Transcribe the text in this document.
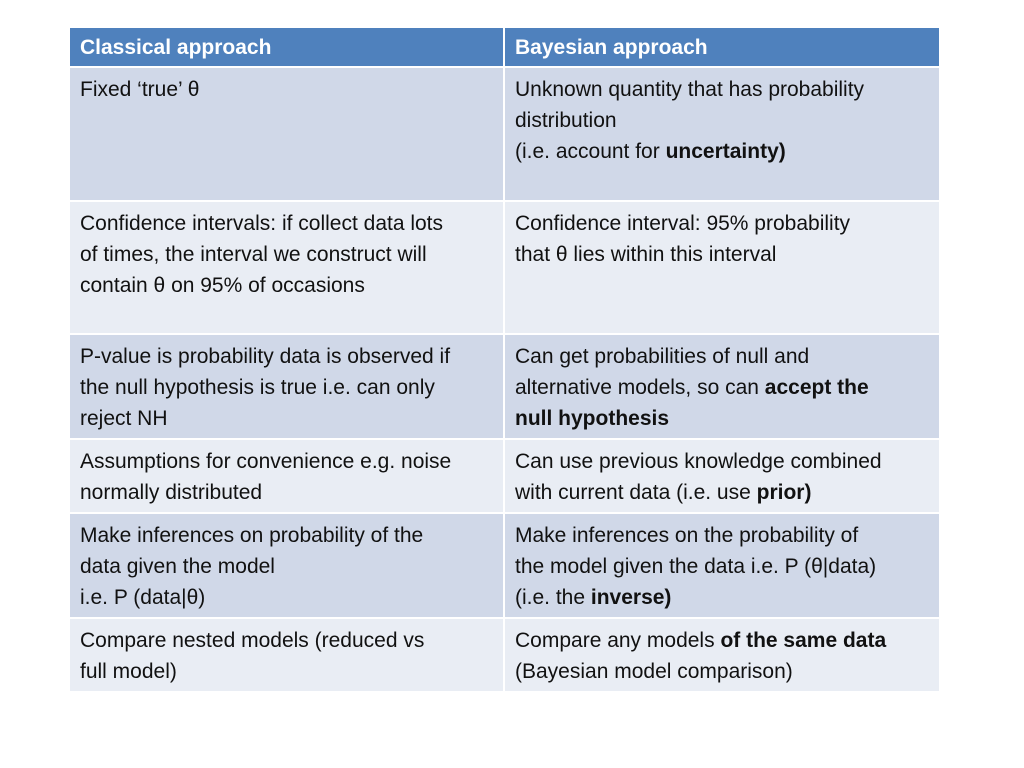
Classical approach	Bayesian approach

Fixed ‘true’ θ	Unknown quantity that has probability
distribution
(i.e. account for uncertainty)

Confidence intervals: if collect data lots
of times, the interval we construct will
contain θ on 95% of occasions	Confidence interval: 95% probability
that θ lies within this interval

P-value is probability data is observed if
the null hypothesis is true i.e. can only
reject NH	Can get probabilities of null and
alternative models, so can accept the
null hypothesis

Assumptions for convenience e.g. noise
normally distributed	Can use previous knowledge combined
with current data (i.e. use prior)

Make inferences on probability of the
data given the model
i.e. P (data|θ)	Make inferences on the probability of
the model given the data i.e. P (θ|data)
(i.e. the inverse)

Compare nested models (reduced vs
full model)	Compare any models of the same data
(Bayesian model comparison)
